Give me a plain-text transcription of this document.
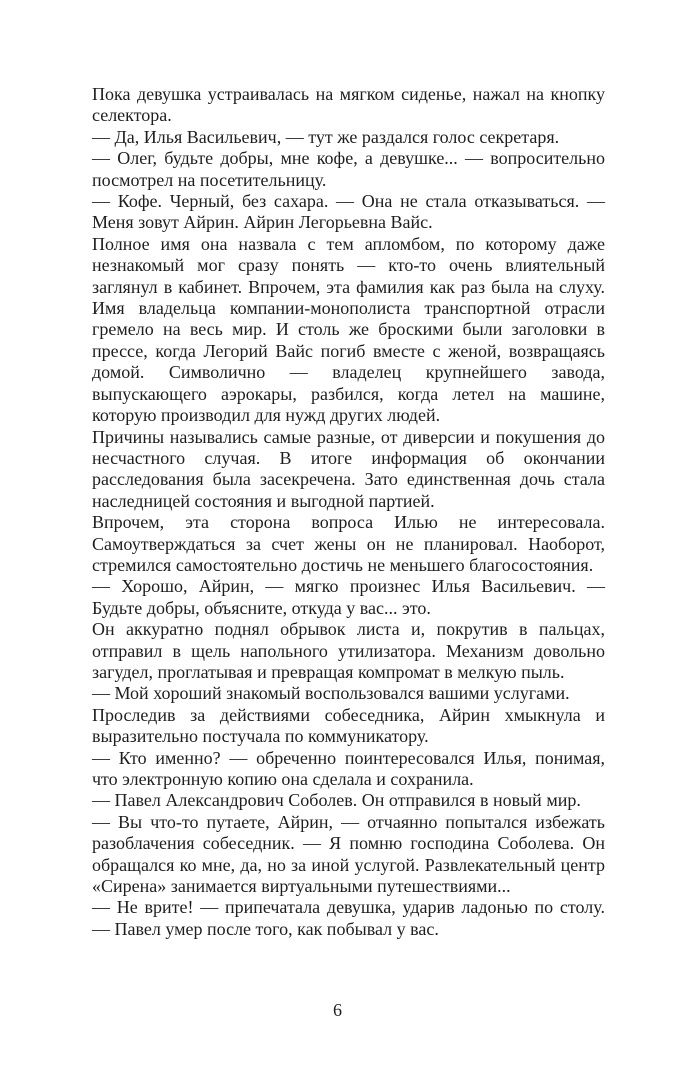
Пока девушка устраивалась на мягком сиденье, нажал на кнопку селектора.

— Да, Илья Васильевич, — тут же раздался голос секретаря.

— Олег, будьте добры, мне кофе, а девушке... — вопросительно посмотрел на посетительницу.

— Кофе. Черный, без сахара. — Она не стала отказываться. — Меня зовут Айрин. Айрин Легорьевна Вайс.

Полное имя она назвала с тем апломбом, по которому даже незнакомый мог сразу понять — кто-то очень влиятельный заглянул в кабинет. Впрочем, эта фамилия как раз была на слуху. Имя владельца компании-монополиста транспортной отрасли гремело на весь мир. И столь же броскими были заголовки в прессе, когда Легорий Вайс погиб вместе с женой, возвращаясь домой. Символично — владелец крупнейшего завода, выпускающего аэрокары, разбился, когда летел на машине, которую производил для нужд других людей.

Причины назывались самые разные, от диверсии и покушения до несчастного случая. В итоге информация об окончании расследования была засекречена. Зато единственная дочь стала наследницей состояния и выгодной партией.

Впрочем, эта сторона вопроса Илью не интересовала. Самоутверждаться за счет жены он не планировал. Наоборот, стремился самостоятельно достичь не меньшего благосостояния.

— Хорошо, Айрин, — мягко произнес Илья Васильевич. — Будьте добры, объясните, откуда у вас... это.

Он аккуратно поднял обрывок листа и, покрутив в пальцах, отправил в щель напольного утилизатора. Механизм довольно загудел, проглатывая и превращая компромат в мелкую пыль.

— Мой хороший знакомый воспользовался вашими услугами.

Проследив за действиями собеседника, Айрин хмыкнула и выразительно постучала по коммуникатору.

— Кто именно? — обреченно поинтересовался Илья, понимая, что электронную копию она сделала и сохранила.

— Павел Александрович Соболев. Он отправился в новый мир.

— Вы что-то путаете, Айрин, — отчаянно попытался избежать разоблачения собеседник. — Я помню господина Соболева. Он обращался ко мне, да, но за иной услугой. Развлекательный центр «Сирена» занимается виртуальными путешествиями...

— Не врите! — припечатала девушка, ударив ладонью по столу. — Павел умер после того, как побывал у вас.

6
